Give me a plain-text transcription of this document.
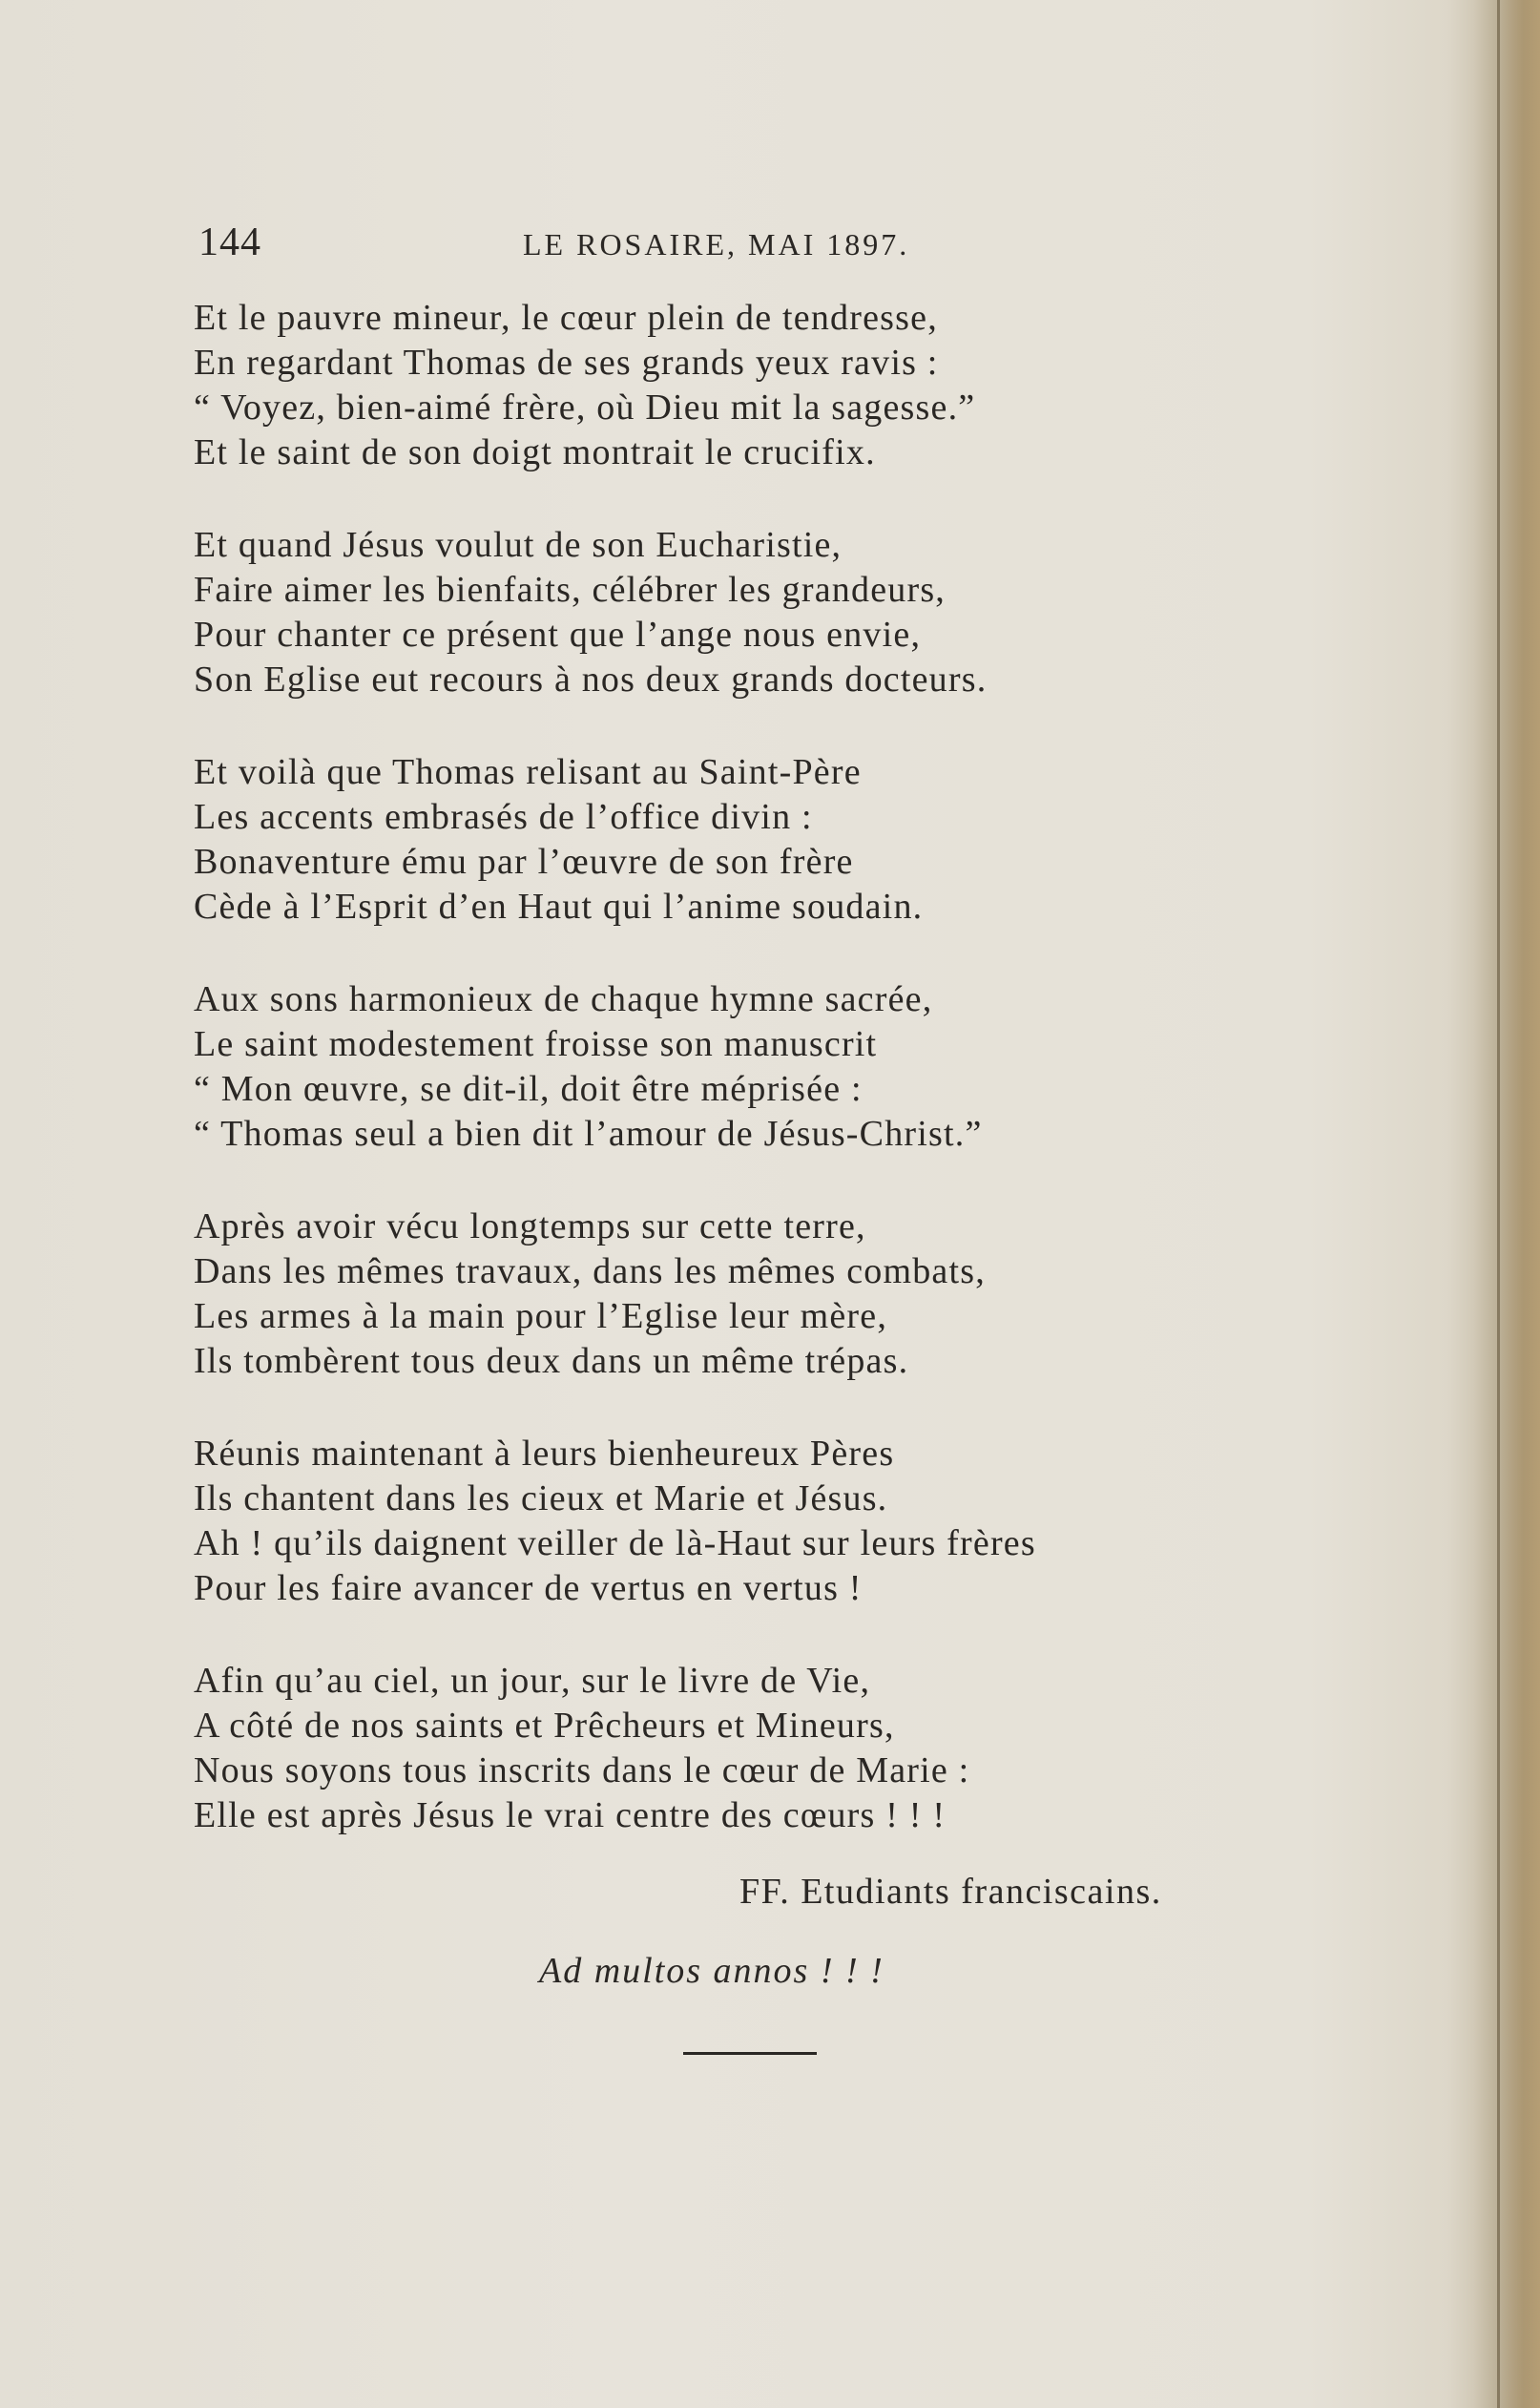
144	LE ROSAIRE, MAI 1897.
Et le pauvre mineur, le cœur plein de tendresse,
En regardant Thomas de ses grands yeux ravis :
“ Voyez, bien-aimé frère, où Dieu mit la sagesse.”
Et le saint de son doigt montrait le crucifix.
Et quand Jésus voulut de son Eucharistie,
Faire aimer les bienfaits, célébrer les grandeurs,
Pour chanter ce présent que l’ange nous envie,
Son Eglise eut recours à nos deux grands docteurs.
Et voilà que Thomas relisant au Saint-Père
Les accents embrasés de l’office divin :
Bonaventure ému par l’œuvre de son frère
Cède à l’Esprit d’en Haut qui l’anime soudain.
Aux sons harmonieux de chaque hymne sacrée,
Le saint modestement froisse son manuscrit
“ Mon œuvre, se dit-il, doit être méprisée :
“ Thomas seul a bien dit l’amour de Jésus-Christ.”
Après avoir vécu longtemps sur cette terre,
Dans les mêmes travaux, dans les mêmes combats,
Les armes à la main pour l’Eglise leur mère,
Ils tombèrent tous deux dans un même trépas.
Réunis maintenant à leurs bienheureux Pères
Ils chantent dans les cieux et Marie et Jésus.
Ah ! qu’ils daignent veiller de là-Haut sur leurs frères
Pour les faire avancer de vertus en vertus !
Afin qu’au ciel, un jour, sur le livre de Vie,
A côté de nos saints et Prêcheurs et Mineurs,
Nous soyons tous inscrits dans le cœur de Marie :
Elle est après Jésus le vrai centre des cœurs ! ! !
FF. Etudiants franciscains.
Ad multos annos ! ! !
